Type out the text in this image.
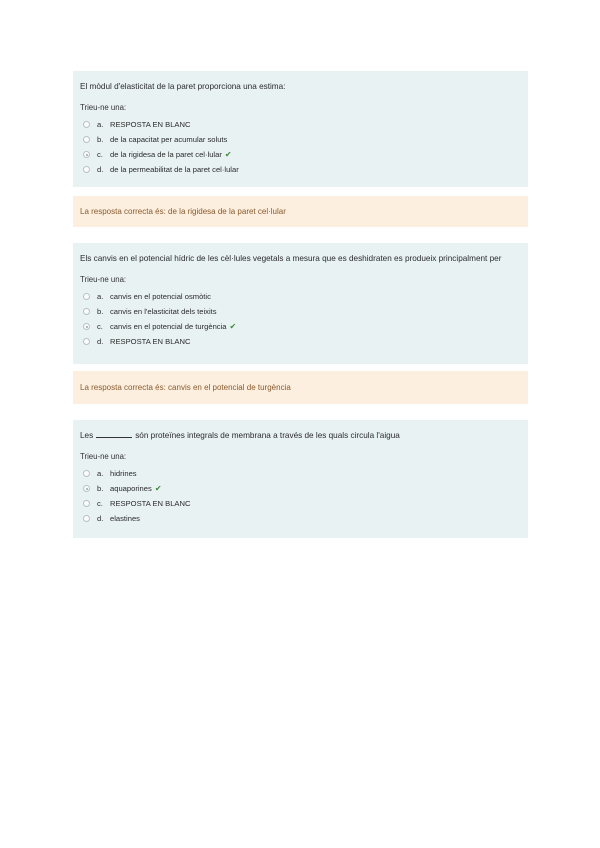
El mòdul d'elasticitat de la paret proporciona una estima:
Trieu-ne una:
a. RESPOSTA EN BLANC
b. de la capacitat per acumular soluts
c. de la rigidesa de la paret cel·lular ✔
d. de la permeabilitat de la paret cel·lular
La resposta correcta és: de la rigidesa de la paret cel·lular
Els canvis en el potencial hídric de les cèl·lules vegetals a mesura que es deshidraten es produeix principalment per
Trieu-ne una:
a. canvis en el potencial osmòtic
b. canvis en l'elasticitat dels teixits
c. canvis en el potencial de turgència ✔
d. RESPOSTA EN BLANC
La resposta correcta és: canvis en el potencial de turgència
Les	són proteïnes integrals de membrana a través de les quals circula l'aigua
Trieu-ne una:
a. hidrines
b. aquaporines ✔
c. RESPOSTA EN BLANC
d. elastines
